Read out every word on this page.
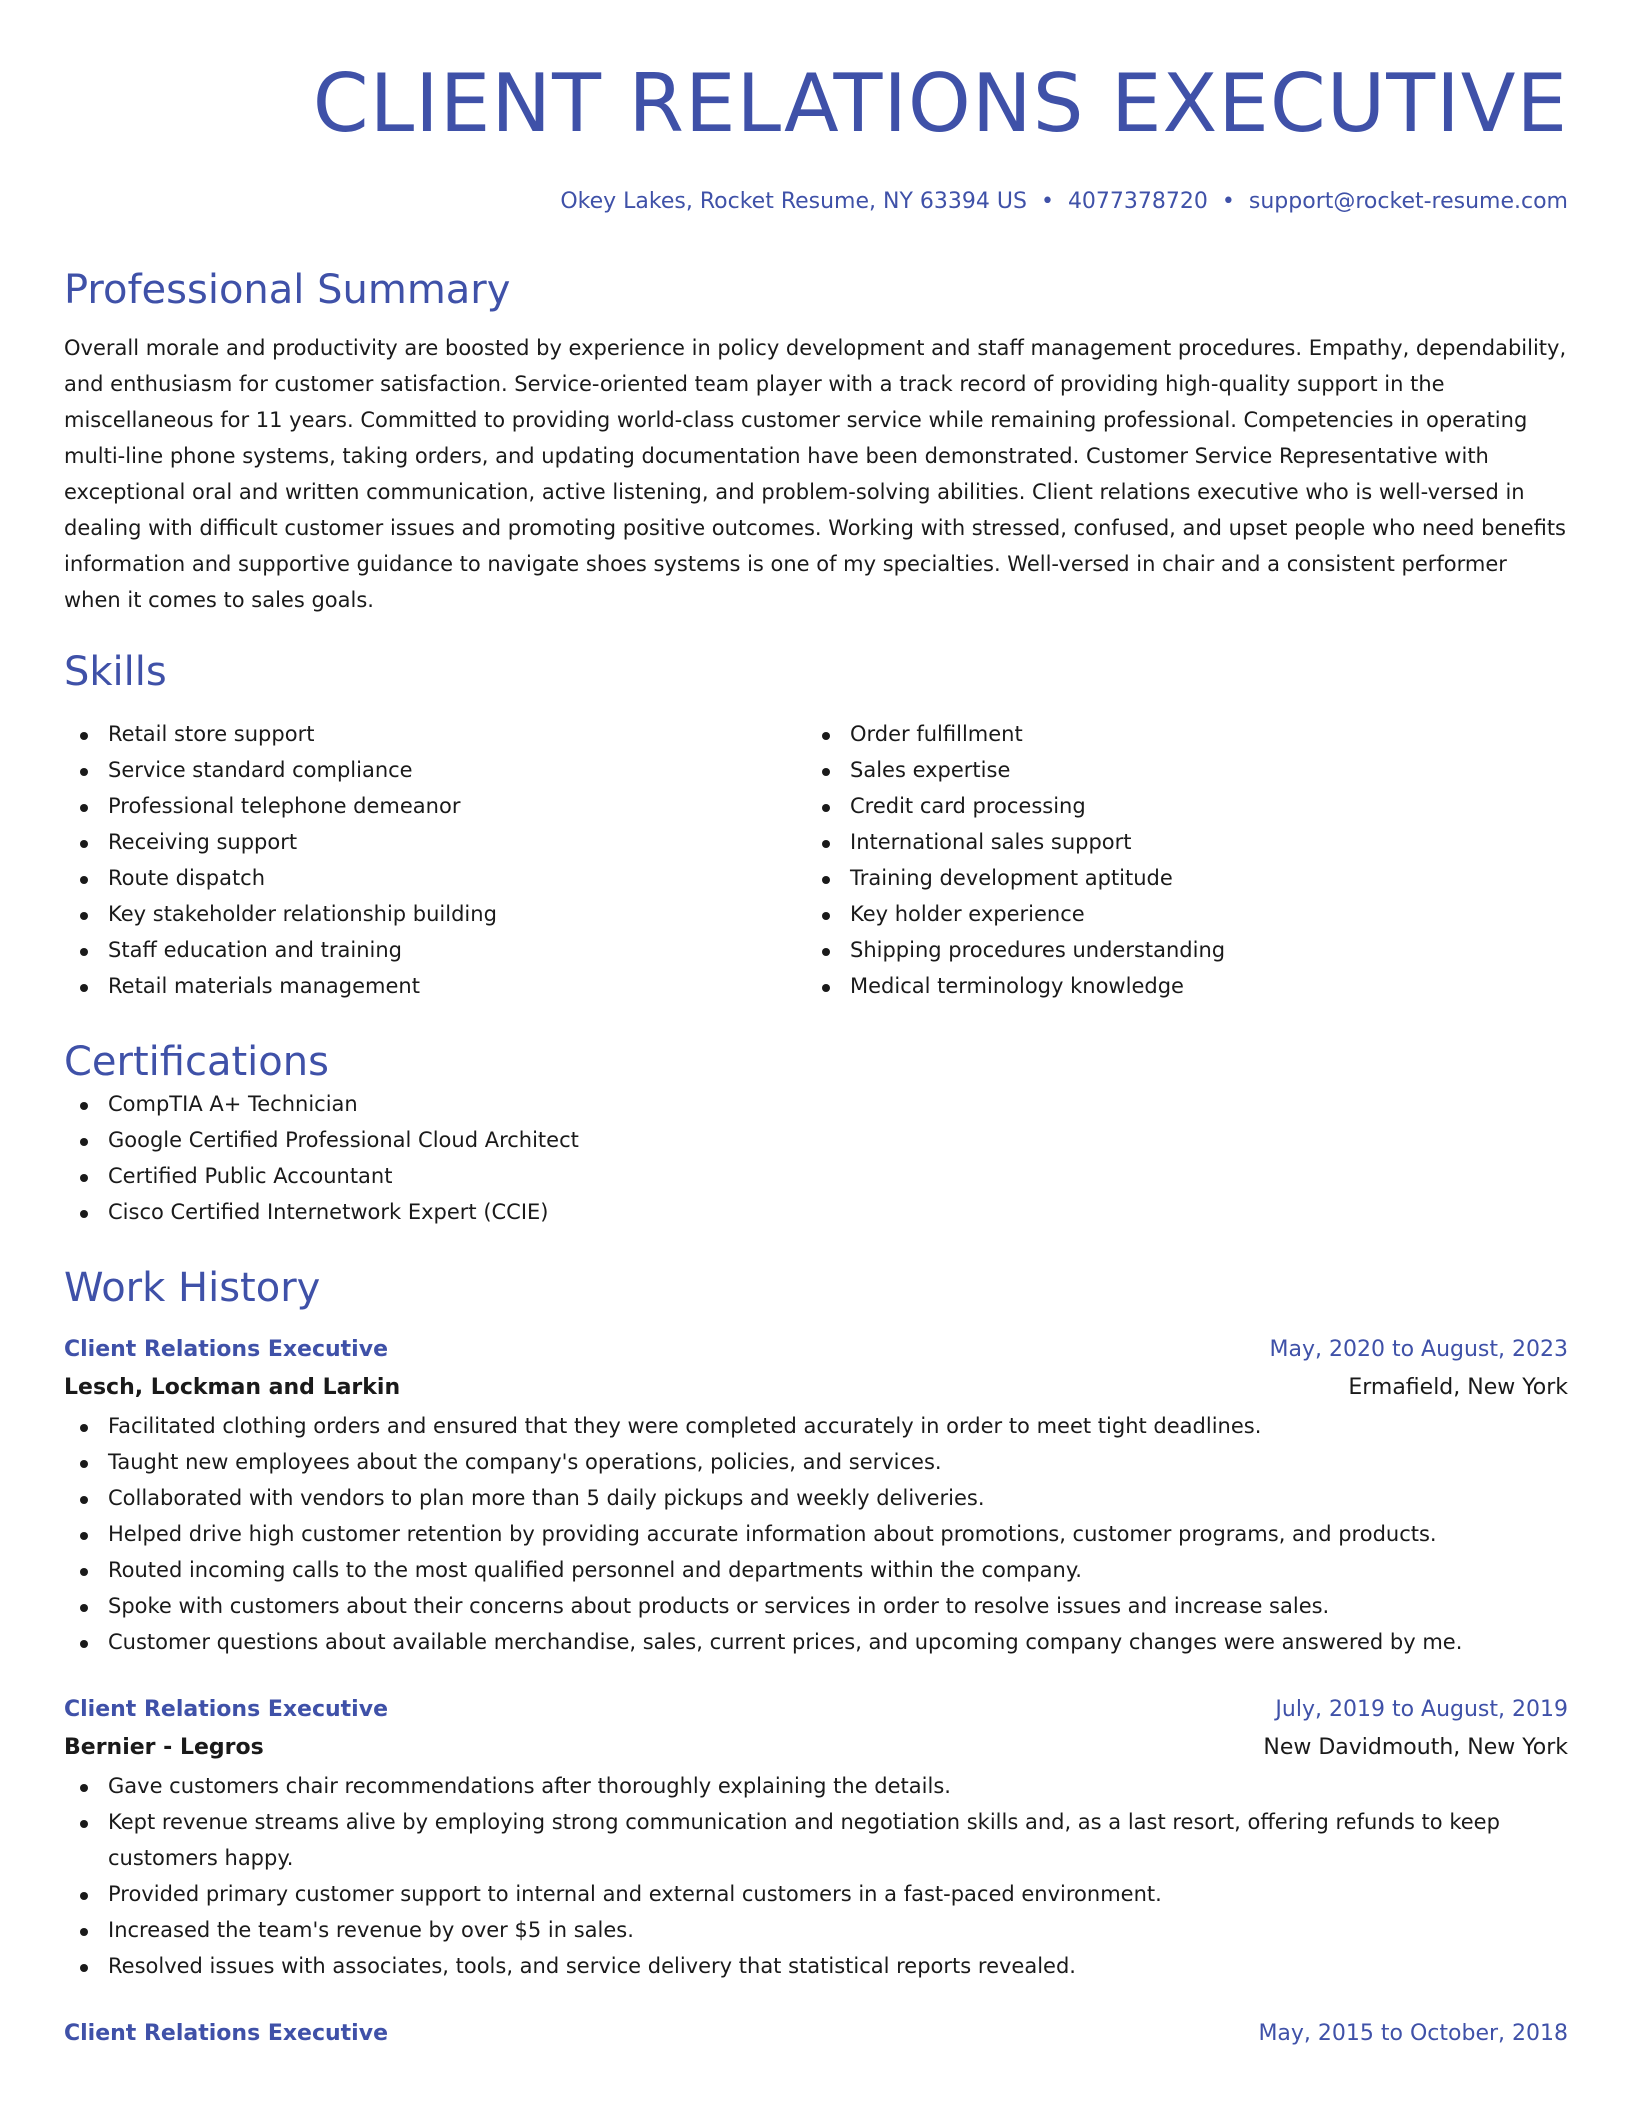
CLIENT RELATIONS EXECUTIVE
Okey Lakes, Rocket Resume, NY 63394 US • 4077378720 • support@rocket-resume.com
Professional Summary

Overall morale and productivity are boosted by experience in policy development and staff management procedures. Empathy, dependability, and enthusiasm for customer satisfaction. Service-oriented team player with a track record of providing high-quality support in the miscellaneous for 11 years. Committed to providing world-class customer service while remaining professional. Competencies in operating multi-line phone systems, taking orders, and updating documentation have been demonstrated. Customer Service Representative with exceptional oral and written communication, active listening, and problem-solving abilities. Client relations executive who is well-versed in dealing with difficult customer issues and promoting positive outcomes. Working with stressed, confused, and upset people who need benefits information and supportive guidance to navigate shoes systems is one of my specialties. Well-versed in chair and a consistent performer when it comes to sales goals.

Skills
Retail store support
Service standard compliance
Professional telephone demeanor
Receiving support
Route dispatch
Key stakeholder relationship building
Staff education and training
Retail materials management
Order fulfillment
Sales expertise
Credit card processing
International sales support
Training development aptitude
Key holder experience
Shipping procedures understanding
Medical terminology knowledge
Certifications
CompTIA A+ Technician
Google Certified Professional Cloud Architect
Certified Public Accountant
Cisco Certified Internetwork Expert (CCIE)
Work History
Client Relations Executive	May, 2020 to August, 2023
Lesch, Lockman and Larkin	Ermafield, New York
Facilitated clothing orders and ensured that they were completed accurately in order to meet tight deadlines.
Taught new employees about the company's operations, policies, and services.
Collaborated with vendors to plan more than 5 daily pickups and weekly deliveries.
Helped drive high customer retention by providing accurate information about promotions, customer programs, and products.
Routed incoming calls to the most qualified personnel and departments within the company.
Spoke with customers about their concerns about products or services in order to resolve issues and increase sales.
Customer questions about available merchandise, sales, current prices, and upcoming company changes were answered by me.
Client Relations Executive	July, 2019 to August, 2019
Bernier - Legros	New Davidmouth, New York
Gave customers chair recommendations after thoroughly explaining the details.
Kept revenue streams alive by employing strong communication and negotiation skills and, as a last resort, offering refunds to keep customers happy.
Provided primary customer support to internal and external customers in a fast-paced environment.
Increased the team's revenue by over $5 in sales.
Resolved issues with associates, tools, and service delivery that statistical reports revealed.
Client Relations Executive	May, 2015 to October, 2018
